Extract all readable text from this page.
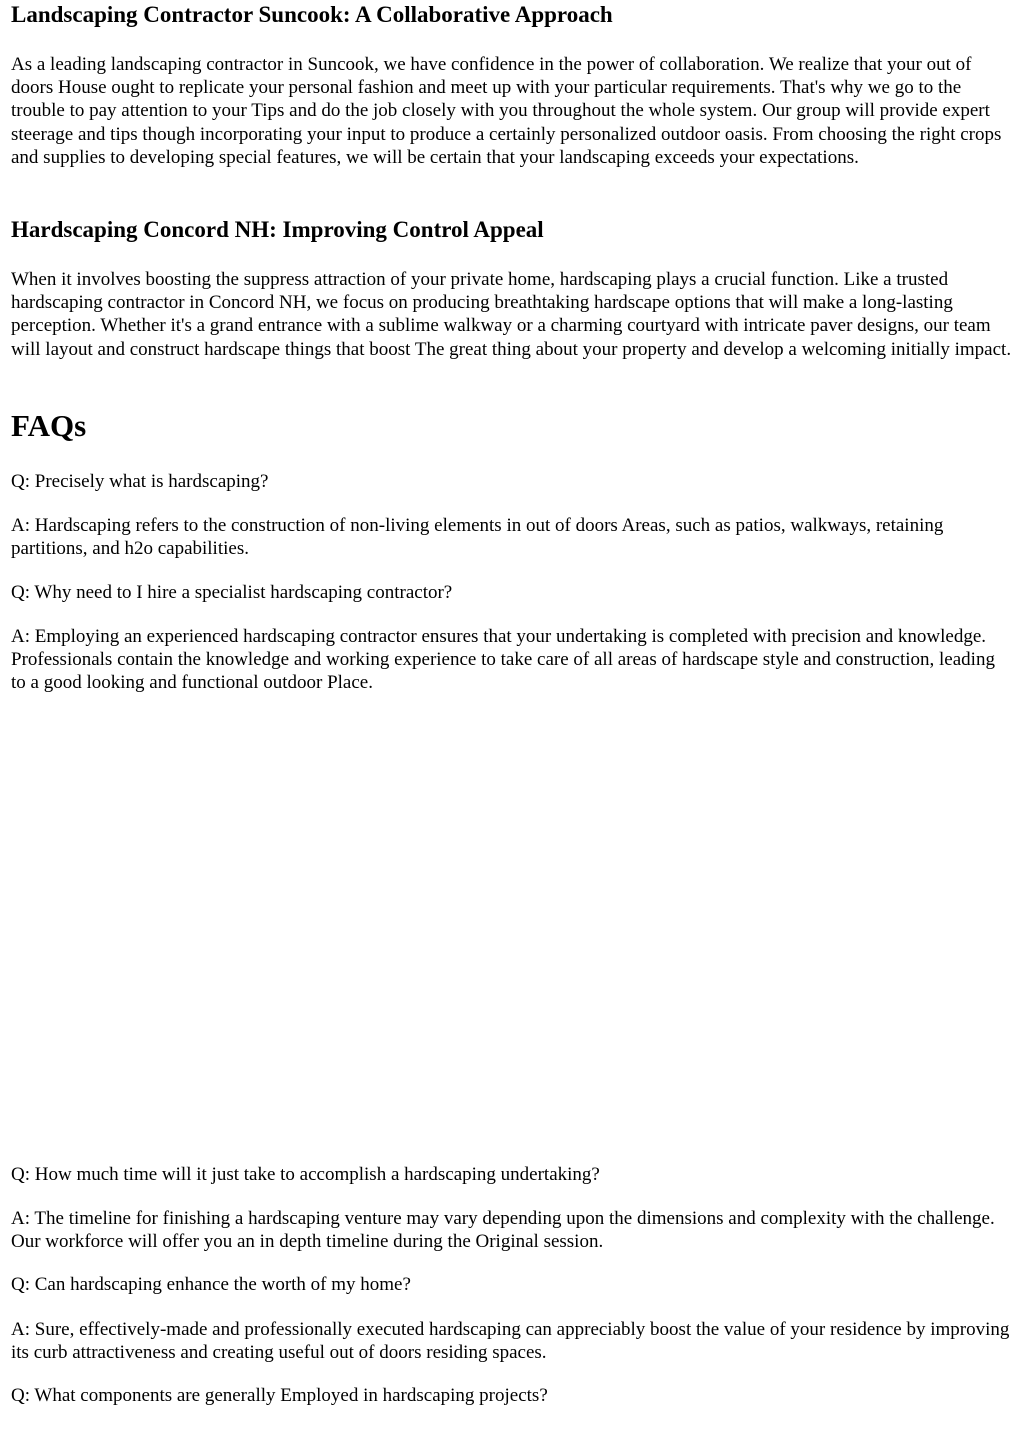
Landscaping Contractor Suncook: A Collaborative Approach

As a leading landscaping contractor in Suncook, we have confidence in the power of collaboration. We realize that your out of doors House ought to replicate your personal fashion and meet up with your particular requirements. That's why we go to the trouble to pay attention to your Tips and do the job closely with you throughout the whole system. Our group will provide expert steerage and tips though incorporating your input to produce a certainly personalized outdoor oasis. From choosing the right crops and supplies to developing special features, we will be certain that your landscaping exceeds your expectations.

Hardscaping Concord NH: Improving Control Appeal

When it involves boosting the suppress attraction of your private home, hardscaping plays a crucial function. Like a trusted hardscaping contractor in Concord NH, we focus on producing breathtaking hardscape options that will make a long-lasting perception. Whether it's a grand entrance with a sublime walkway or a charming courtyard with intricate paver designs, our team will layout and construct hardscape things that boost The great thing about your property and develop a welcoming initially impact.

FAQs

Q: Precisely what is hardscaping?

A: Hardscaping refers to the construction of non-living elements in out of doors Areas, such as patios, walkways, retaining partitions, and h2o capabilities.

Q: Why need to I hire a specialist hardscaping contractor?

A: Employing an experienced hardscaping contractor ensures that your undertaking is completed with precision and knowledge. Professionals contain the knowledge and working experience to take care of all areas of hardscape style and construction, leading to a good looking and functional outdoor Place.

Q: How much time will it just take to accomplish a hardscaping undertaking?

A: The timeline for finishing a hardscaping venture may vary depending upon the dimensions and complexity with the challenge. Our workforce will offer you an in depth timeline during the Original session.

Q: Can hardscaping enhance the worth of my home?

A: Sure, effectively-made and professionally executed hardscaping can appreciably boost the value of your residence by improving its curb attractiveness and creating useful out of doors residing spaces.

Q: What components are generally Employed in hardscaping projects?
